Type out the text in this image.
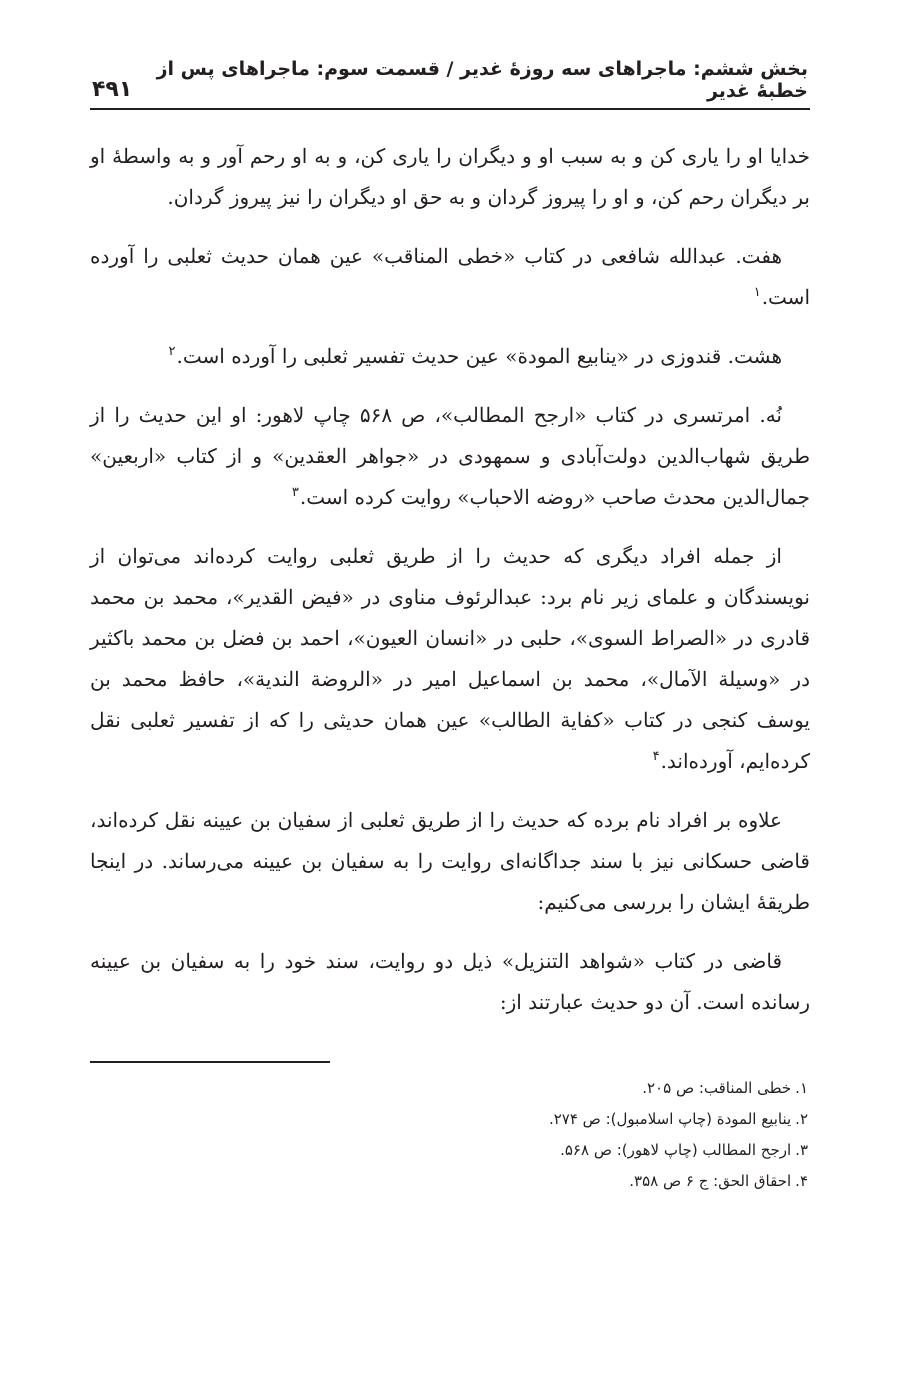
بخش ششم: ماجراهای سه روزهٔ غدیر / قسمت سوم: ماجراهای پس از خطبهٔ غدیر
۴۹۱

خدایا او را یاری کن و به سبب او و دیگران را یاری کن، و به او رحم آور و به واسطهٔ او بر دیگران رحم کن، و او را پیروز گردان و به حق او دیگران را نیز پیروز گردان.

هفت. عبدالله شافعی در کتاب «خطی المناقب» عین همان حدیث ثعلبی را آورده است.$^۱$

هشت. قندوزی در «ینابیع المودة» عین حدیث تفسیر ثعلبی را آورده است.$^۲$

نُه. امرتسری در کتاب «ارجح المطالب»، ص ۵۶۸ چاپ لاهور: او این حدیث را از طریق شهاب‌الدین دولت‌آبادی و سمهودی در «جواهر العقدین» و از کتاب «اربعین» جمال‌الدین محدث صاحب «روضه الاحباب» روایت کرده است.$^۳$

از جمله افراد دیگری که حدیث را از طریق ثعلبی روایت کرده‌اند می‌توان از نویسندگان و علمای زیر نام برد: عبدالرئوف مناوی در «فیض القدیر»، محمد بن محمد قادری در «الصراط السوی»، حلبی در «انسان العیون»، احمد بن فضل بن محمد باکثیر در «وسیلة الآمال»، محمد بن اسماعیل امیر در «الروضة الندیة»، حافظ محمد بن یوسف کنجی در کتاب «کفایة الطالب» عین همان حدیثی را که از تفسیر ثعلبی نقل کرده‌ایم، آورده‌اند.$^۴$

علاوه بر افراد نام برده که حدیث را از طریق ثعلبی از سفیان بن عیینه نقل کرده‌اند، قاضی حسکانی نیز با سند جداگانه‌ای روایت را به سفیان بن عیینه می‌رساند. در اینجا طریقهٔ ایشان را بررسی می‌کنیم:

قاضی در کتاب «شواهد التنزیل» ذیل دو روایت، سند خود را به سفیان بن عیینه رسانده است. آن دو حدیث عبارتند از:

۱.خطی المناقب: ص ۲۰۵.
۲.ینابیع المودة (چاپ اسلامبول): ص ۲۷۴.
۳.ارجح المطالب (چاپ لاهور): ص ۵۶۸.
۴.احقاق الحق: ج ۶ ص ۳۵۸.
